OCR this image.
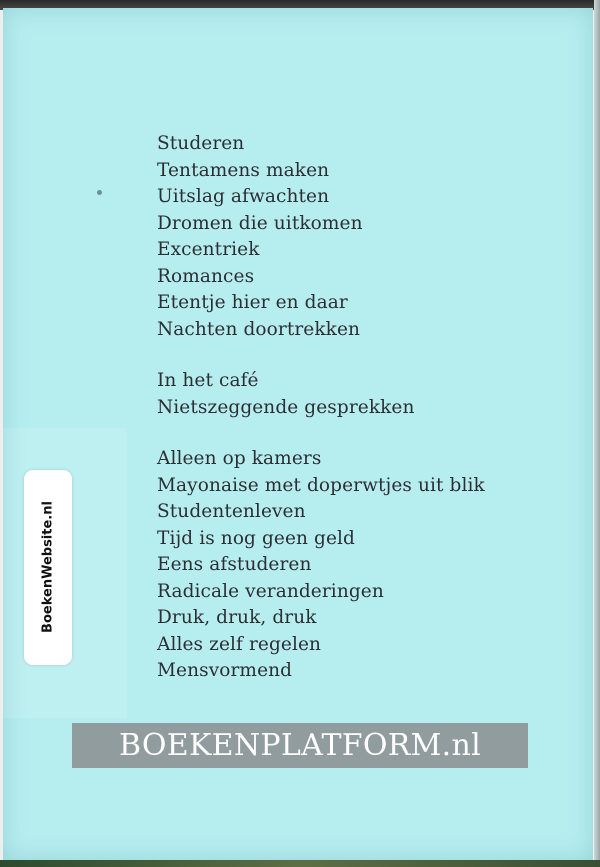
Studeren
Tentamens maken
Uitslag afwachten
Dromen die uitkomen
Excentriek
Romances
Etentje hier en daar
Nachten doortrekken
In het café
Nietszeggende gesprekken
Alleen op kamers
Mayonaise met doperwtjes uit blik
Studentenleven
Tijd is nog geen geld
Eens afstuderen
Radicale veranderingen
Druk, druk, druk
Alles zelf regelen
Mensvormend
BoekenWebsite.nl
BOEKENPLATFORM.nl
